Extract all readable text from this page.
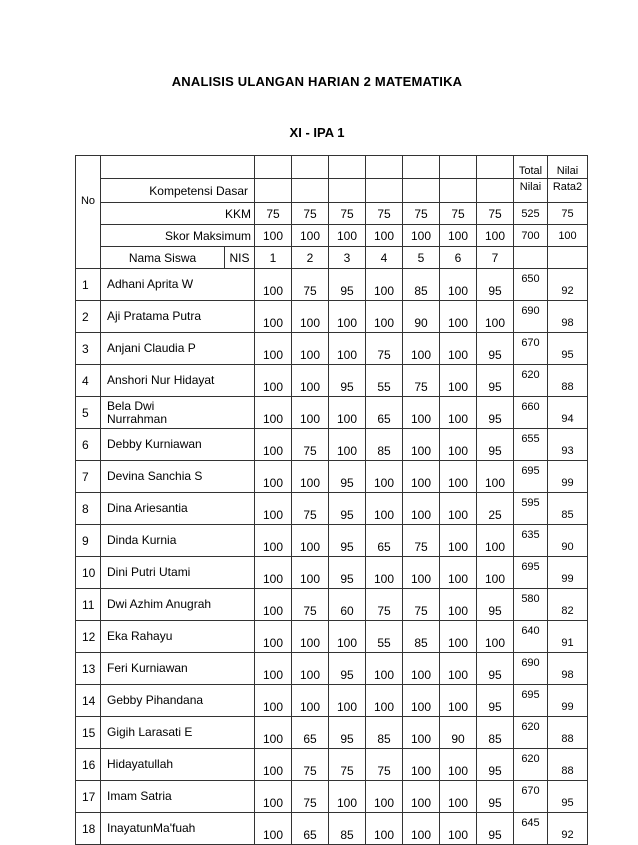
ANALISIS ULANGAN HARIAN 2 MATEMATIKA
XI - IPA 1
No										Total	Nilai
	Kompetensi Dasar									Nilai	Rata2
	KKM		75	75	75	75	75	75	75	525	75
	Skor Maksimum		100	100	100	100	100	100	100	700	100
	Nama Siswa	NIS	1	2	3	4	5	6	7		
1	Adhani Aprita W		100	75	95	100	85	100	95	650	92
2	Aji Pratama Putra		100	100	100	100	90	100	100	690	98
3	Anjani Claudia P		100	100	100	75	100	100	95	670	95
4	Anshori Nur Hidayat		100	100	95	55	75	100	95	620	88
5	Bela Dwi Nurrahman		100	100	100	65	100	100	95	660	94
6	Debby Kurniawan		100	75	100	85	100	100	95	655	93
7	Devina Sanchia S		100	100	95	100	100	100	100	695	99
8	Dina Ariesantia		100	75	95	100	100	100	25	595	85
9	Dinda Kurnia		100	100	95	65	75	100	100	635	90
10	Dini Putri Utami		100	100	95	100	100	100	100	695	99
11	Dwi Azhim Anugrah		100	75	60	75	75	100	95	580	82
12	Eka Rahayu		100	100	100	55	85	100	100	640	91
13	Feri Kurniawan		100	100	95	100	100	100	95	690	98
14	Gebby Pihandana		100	100	100	100	100	100	95	695	99
15	Gigih Larasati E		100	65	95	85	100	90	85	620	88
16	Hidayatullah		100	75	75	75	100	100	95	620	88
17	Imam Satria		100	75	100	100	100	100	95	670	95
18	InayatunMa'fuah		100	65	85	100	100	100	95	645	92
